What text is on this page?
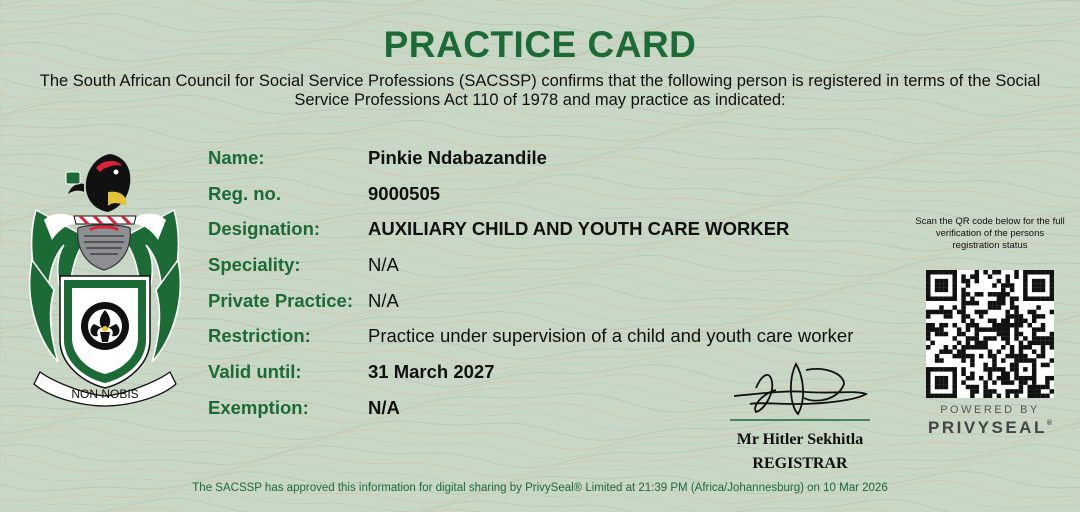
PRACTICE CARD
The South African Council for Social Service Professions (SACSSP) confirms that the following person is registered in terms of the Social Service Professions Act 110 of 1978 and may practice as indicated:
NON NOBIS
Name:	Pinkie Ndabazandile
Reg. no.	9000505
Designation:	AUXILIARY CHILD AND YOUTH CARE WORKER
Speciality:	N/A
Private Practice: N/A
Restriction:	Practice under supervision of a child and youth care worker
Valid until:	31 March 2027
Exemption:	N/A
Mr Hitler Sekhitla
REGISTRAR
Scan the QR code below for the full verification of the persons registration status
POWERED BY
PRIVYSEAL®
The SACSSP has approved this information for digital sharing by PrivySeal® Limited at 21:39 PM (Africa/Johannesburg) on 10 Mar 2026
